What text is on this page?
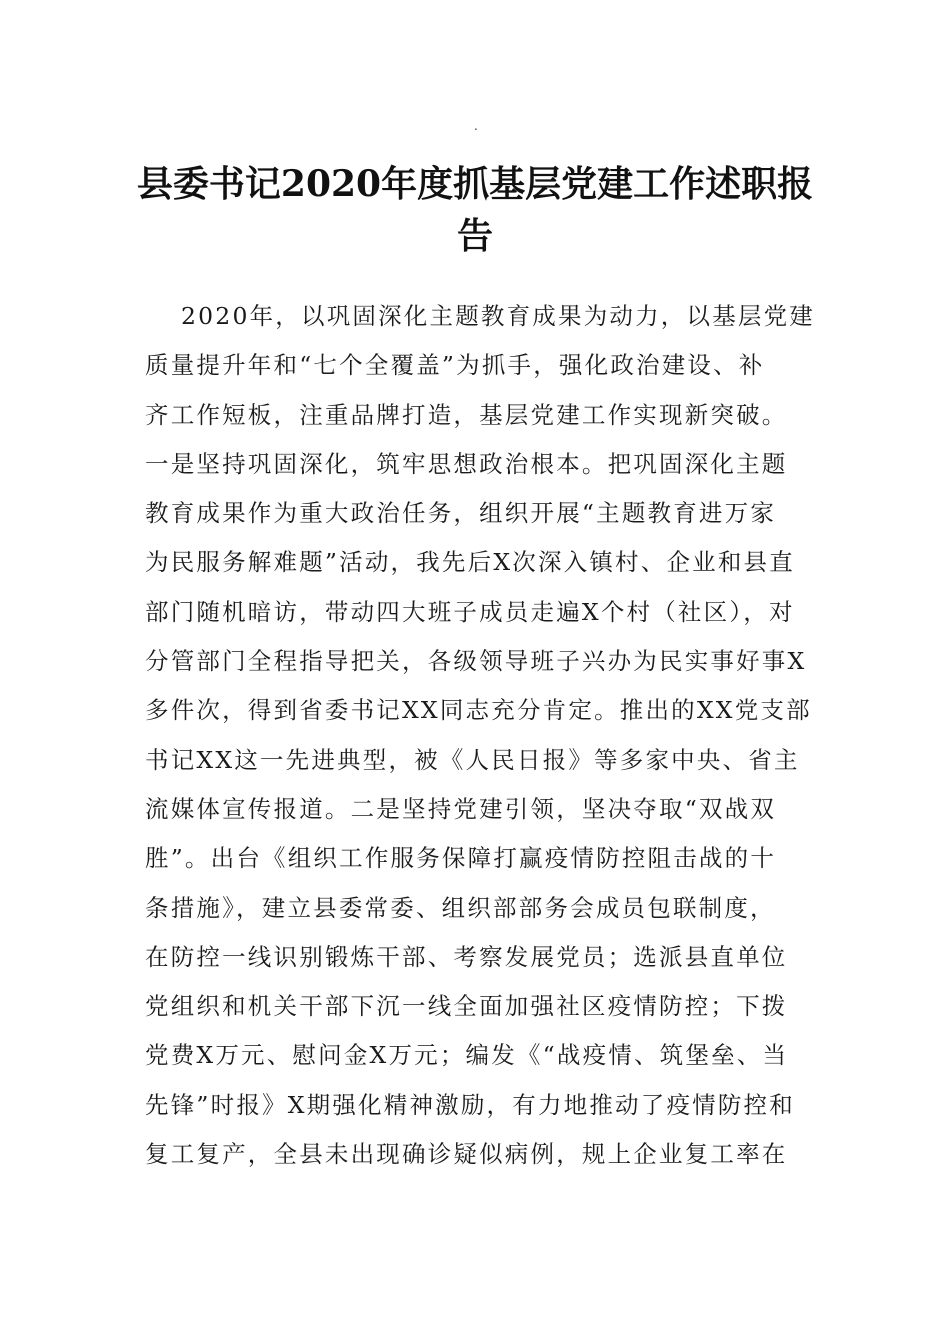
.
县委书记2020年度抓基层党建工作述职报告
2020年，以巩固深化主题教育成果为动力，以基层党建
质量提升年和“七个全覆盖”为抓手，强化政治建设、补
齐工作短板，注重品牌打造，基层党建工作实现新突破。
一是坚持巩固深化，筑牢思想政治根本。把巩固深化主题
教育成果作为重大政治任务，组织开展“主题教育进万家
为民服务解难题”活动，我先后X次深入镇村、企业和县直
部门随机暗访，带动四大班子成员走遍X个村（社区），对
分管部门全程指导把关，各级领导班子兴办为民实事好事X
多件次，得到省委书记XX同志充分肯定。推出的XX党支部
书记XX这一先进典型，被《人民日报》等多家中央、省主
流媒体宣传报道。二是坚持党建引领，坚决夺取“双战双
胜”。出台《组织工作服务保障打赢疫情防控阻击战的十
条措施》，建立县委常委、组织部部务会成员包联制度，
在防控一线识别锻炼干部、考察发展党员；选派县直单位
党组织和机关干部下沉一线全面加强社区疫情防控；下拨
党费X万元、慰问金X万元；编发《“战疫情、筑堡垒、当
先锋”时报》X期强化精神激励，有力地推动了疫情防控和
复工复产，全县未出现确诊疑似病例，规上企业复工率在
